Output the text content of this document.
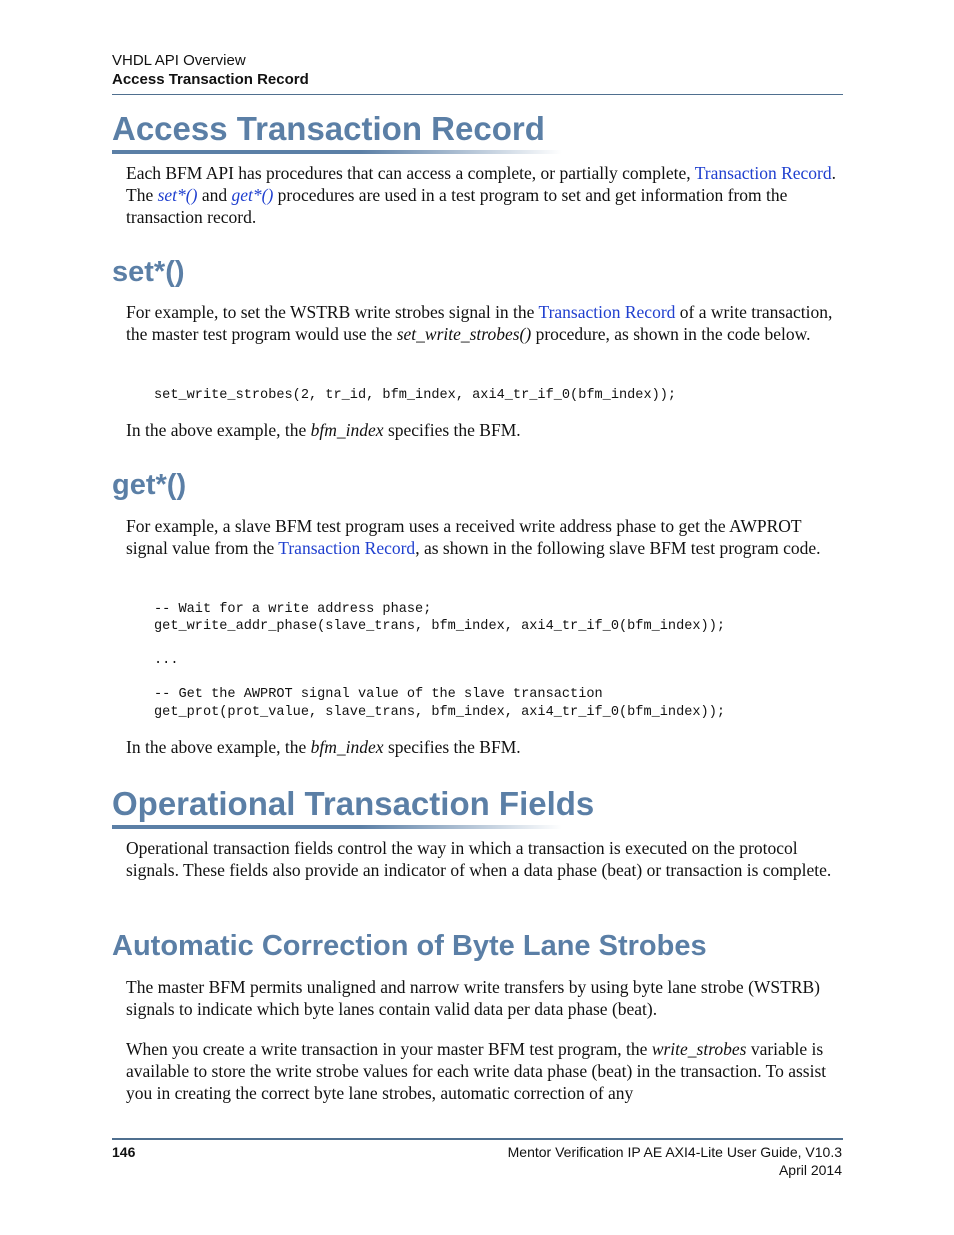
VHDL API Overview
Access Transaction Record
Access Transaction Record

Each BFM API has procedures that can access a complete, or partially complete, Transaction Record. The set*() and get*() procedures are used in a test program to set and get information from the transaction record.

set*()

For example, to set the WSTRB write strobes signal in the Transaction Record of a write transaction, the master test program would use the set_write_strobes() procedure, as shown in the code below.

set_write_strobes(2, tr_id, bfm_index, axi4_tr_if_0(bfm_index));

In the above example, the bfm_index specifies the BFM.

get*()

For example, a slave BFM test program uses a received write address phase to get the AWPROT signal value from the Transaction Record, as shown in the following slave BFM test program code.

-- Wait for a write address phase;
get_write_addr_phase(slave_trans, bfm_index, axi4_tr_if_0(bfm_index));
...
-- Get the AWPROT signal value of the slave transaction
get_prot(prot_value, slave_trans, bfm_index, axi4_tr_if_0(bfm_index));

In the above example, the bfm_index specifies the BFM.

Operational Transaction Fields

Operational transaction fields control the way in which a transaction is executed on the protocol signals. These fields also provide an indicator of when a data phase (beat) or transaction is complete.

Automatic Correction of Byte Lane Strobes

The master BFM permits unaligned and narrow write transfers by using byte lane strobe (WSTRB) signals to indicate which byte lanes contain valid data per data phase (beat).

When you create a write transaction in your master BFM test program, the write_strobes variable is available to store the write strobe values for each write data phase (beat) in the transaction. To assist you in creating the correct byte lane strobes, automatic correction of any

146	Mentor Verification IP AE AXI4-Lite User Guide, V10.3
April 2014
